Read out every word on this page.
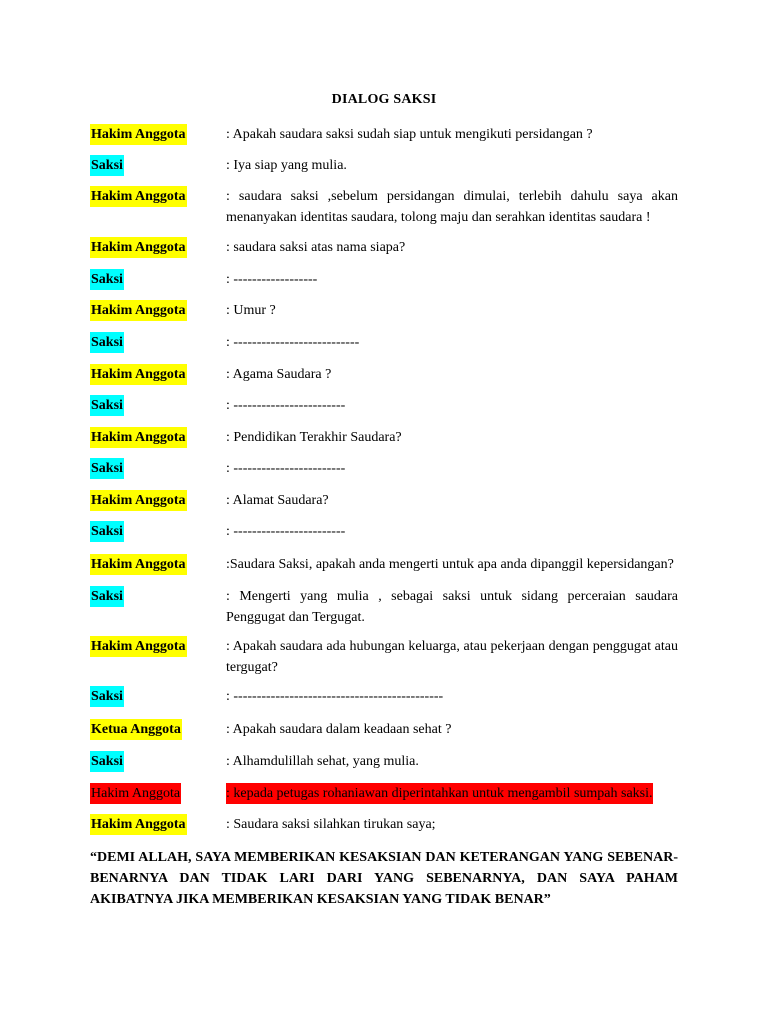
DIALOG SAKSI
Hakim Anggota	: Apakah saudara saksi sudah siap untuk mengikuti persidangan ?
Saksi	: Iya siap yang mulia.
Hakim Anggota	: saudara saksi ,sebelum persidangan dimulai, terlebih dahulu saya akan menanyakan identitas saudara, tolong maju dan serahkan identitas saudara !
Hakim Anggota	: saudara saksi atas nama siapa?
Saksi	: ------------------
Hakim Anggota	: Umur ?
Saksi	: ---------------------------
Hakim Anggota	: Agama Saudara ?
Saksi	: ------------------------
Hakim Anggota	: Pendidikan Terakhir Saudara?
Saksi	: ------------------------
Hakim Anggota	: Alamat Saudara?
Saksi	: ------------------------
Hakim Anggota	:Saudara Saksi, apakah anda mengerti untuk apa anda dipanggil kepersidangan?
Saksi	: Mengerti yang mulia , sebagai saksi untuk sidang perceraian saudara Penggugat dan Tergugat.
Hakim Anggota	: Apakah saudara ada hubungan keluarga, atau pekerjaan dengan penggugat atau tergugat?
Saksi	: ---------------------------------------------
Ketua Anggota	: Apakah saudara dalam keadaan sehat ?
Saksi	: Alhamdulillah sehat, yang mulia.
Hakim Anggota	: kepada petugas rohaniawan diperintahkan untuk mengambil sumpah saksi.
Hakim Anggota	: Saudara saksi silahkan tirukan saya;
“DEMI ALLAH, SAYA MEMBERIKAN KESAKSIAN DAN KETERANGAN YANG SEBENAR-BENARNYA DAN TIDAK LARI DARI YANG SEBENARNYA, DAN SAYA PAHAM AKIBATNYA JIKA MEMBERIKAN KESAKSIAN YANG TIDAK BENAR”
